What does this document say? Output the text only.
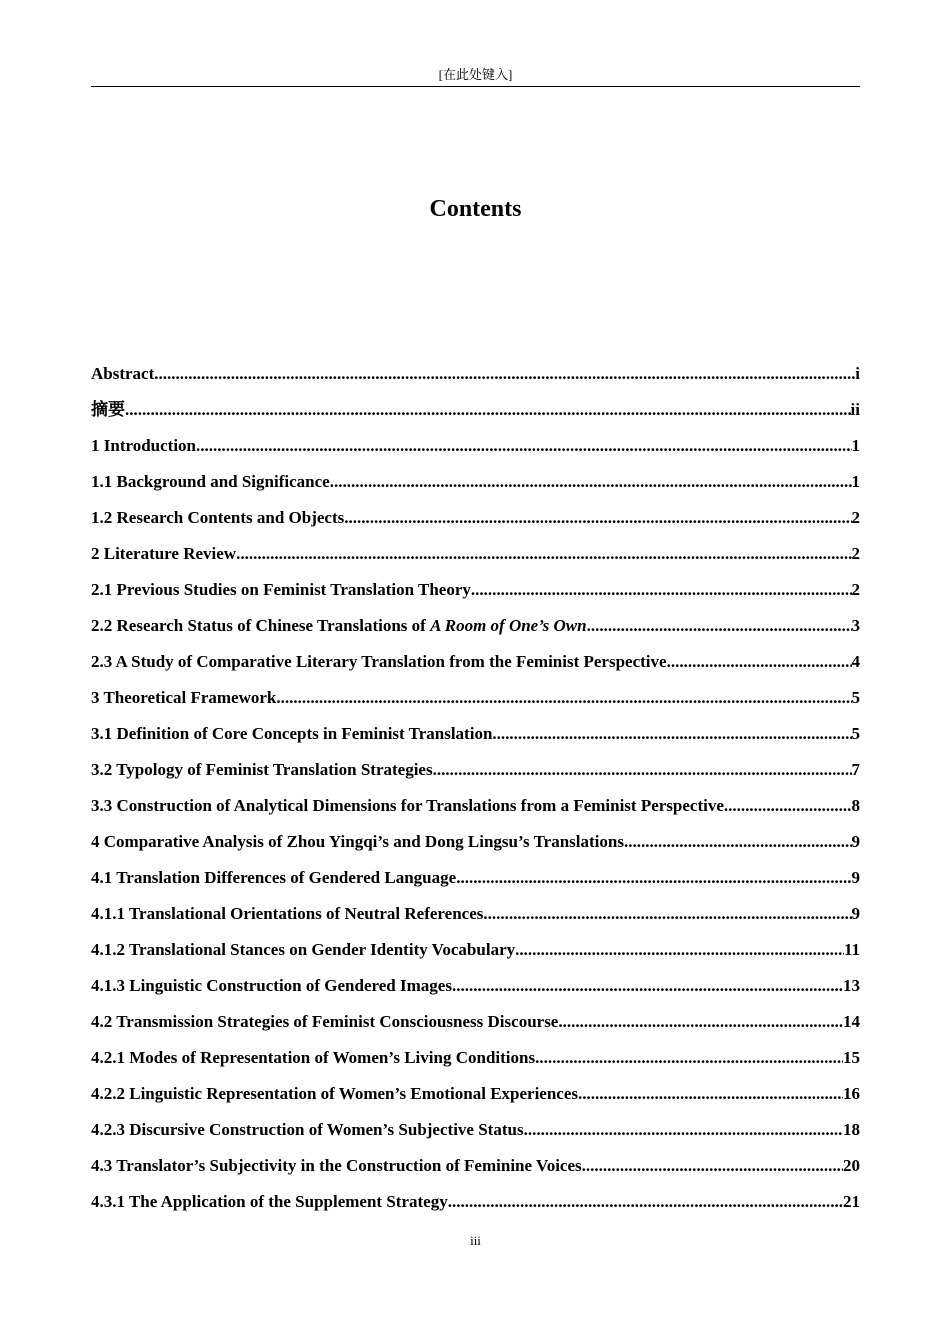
[在此处键入]
Contents
Abstract .....	i
摘要 .....	ii
1 Introduction .....	1
1.1 Background and Significance .....	1
1.2 Research Contents and Objects .....	2
2 Literature Review .....	2
2.1 Previous Studies on Feminist Translation Theory .....	2
2.2 Research Status of Chinese Translations of A Room of One’s Own .....	3
2.3 A Study of Comparative Literary Translation from the Feminist Perspective .....	4
3 Theoretical Framework .....	5
3.1 Definition of Core Concepts in Feminist Translation .....	5
3.2 Typology of Feminist Translation Strategies .....	7
3.3 Construction of Analytical Dimensions for Translations from a Feminist Perspective .....	8
4 Comparative Analysis of Zhou Yingqi’s and Dong Lingsu’s Translations .....	9
4.1 Translation Differences of Gendered Language .....	9
4.1.1 Translational Orientations of Neutral References .....	9
4.1.2 Translational Stances on Gender Identity Vocabulary .....	11
4.1.3 Linguistic Construction of Gendered Images .....	13
4.2 Transmission Strategies of Feminist Consciousness Discourse .....	14
4.2.1 Modes of Representation of Women’s Living Conditions .....	15
4.2.2 Linguistic Representation of Women’s Emotional Experiences .....	16
4.2.3 Discursive Construction of Women’s Subjective Status .....	18
4.3 Translator’s Subjectivity in the Construction of Feminine Voices .....	20
4.3.1 The Application of the Supplement Strategy .....	21
iii
